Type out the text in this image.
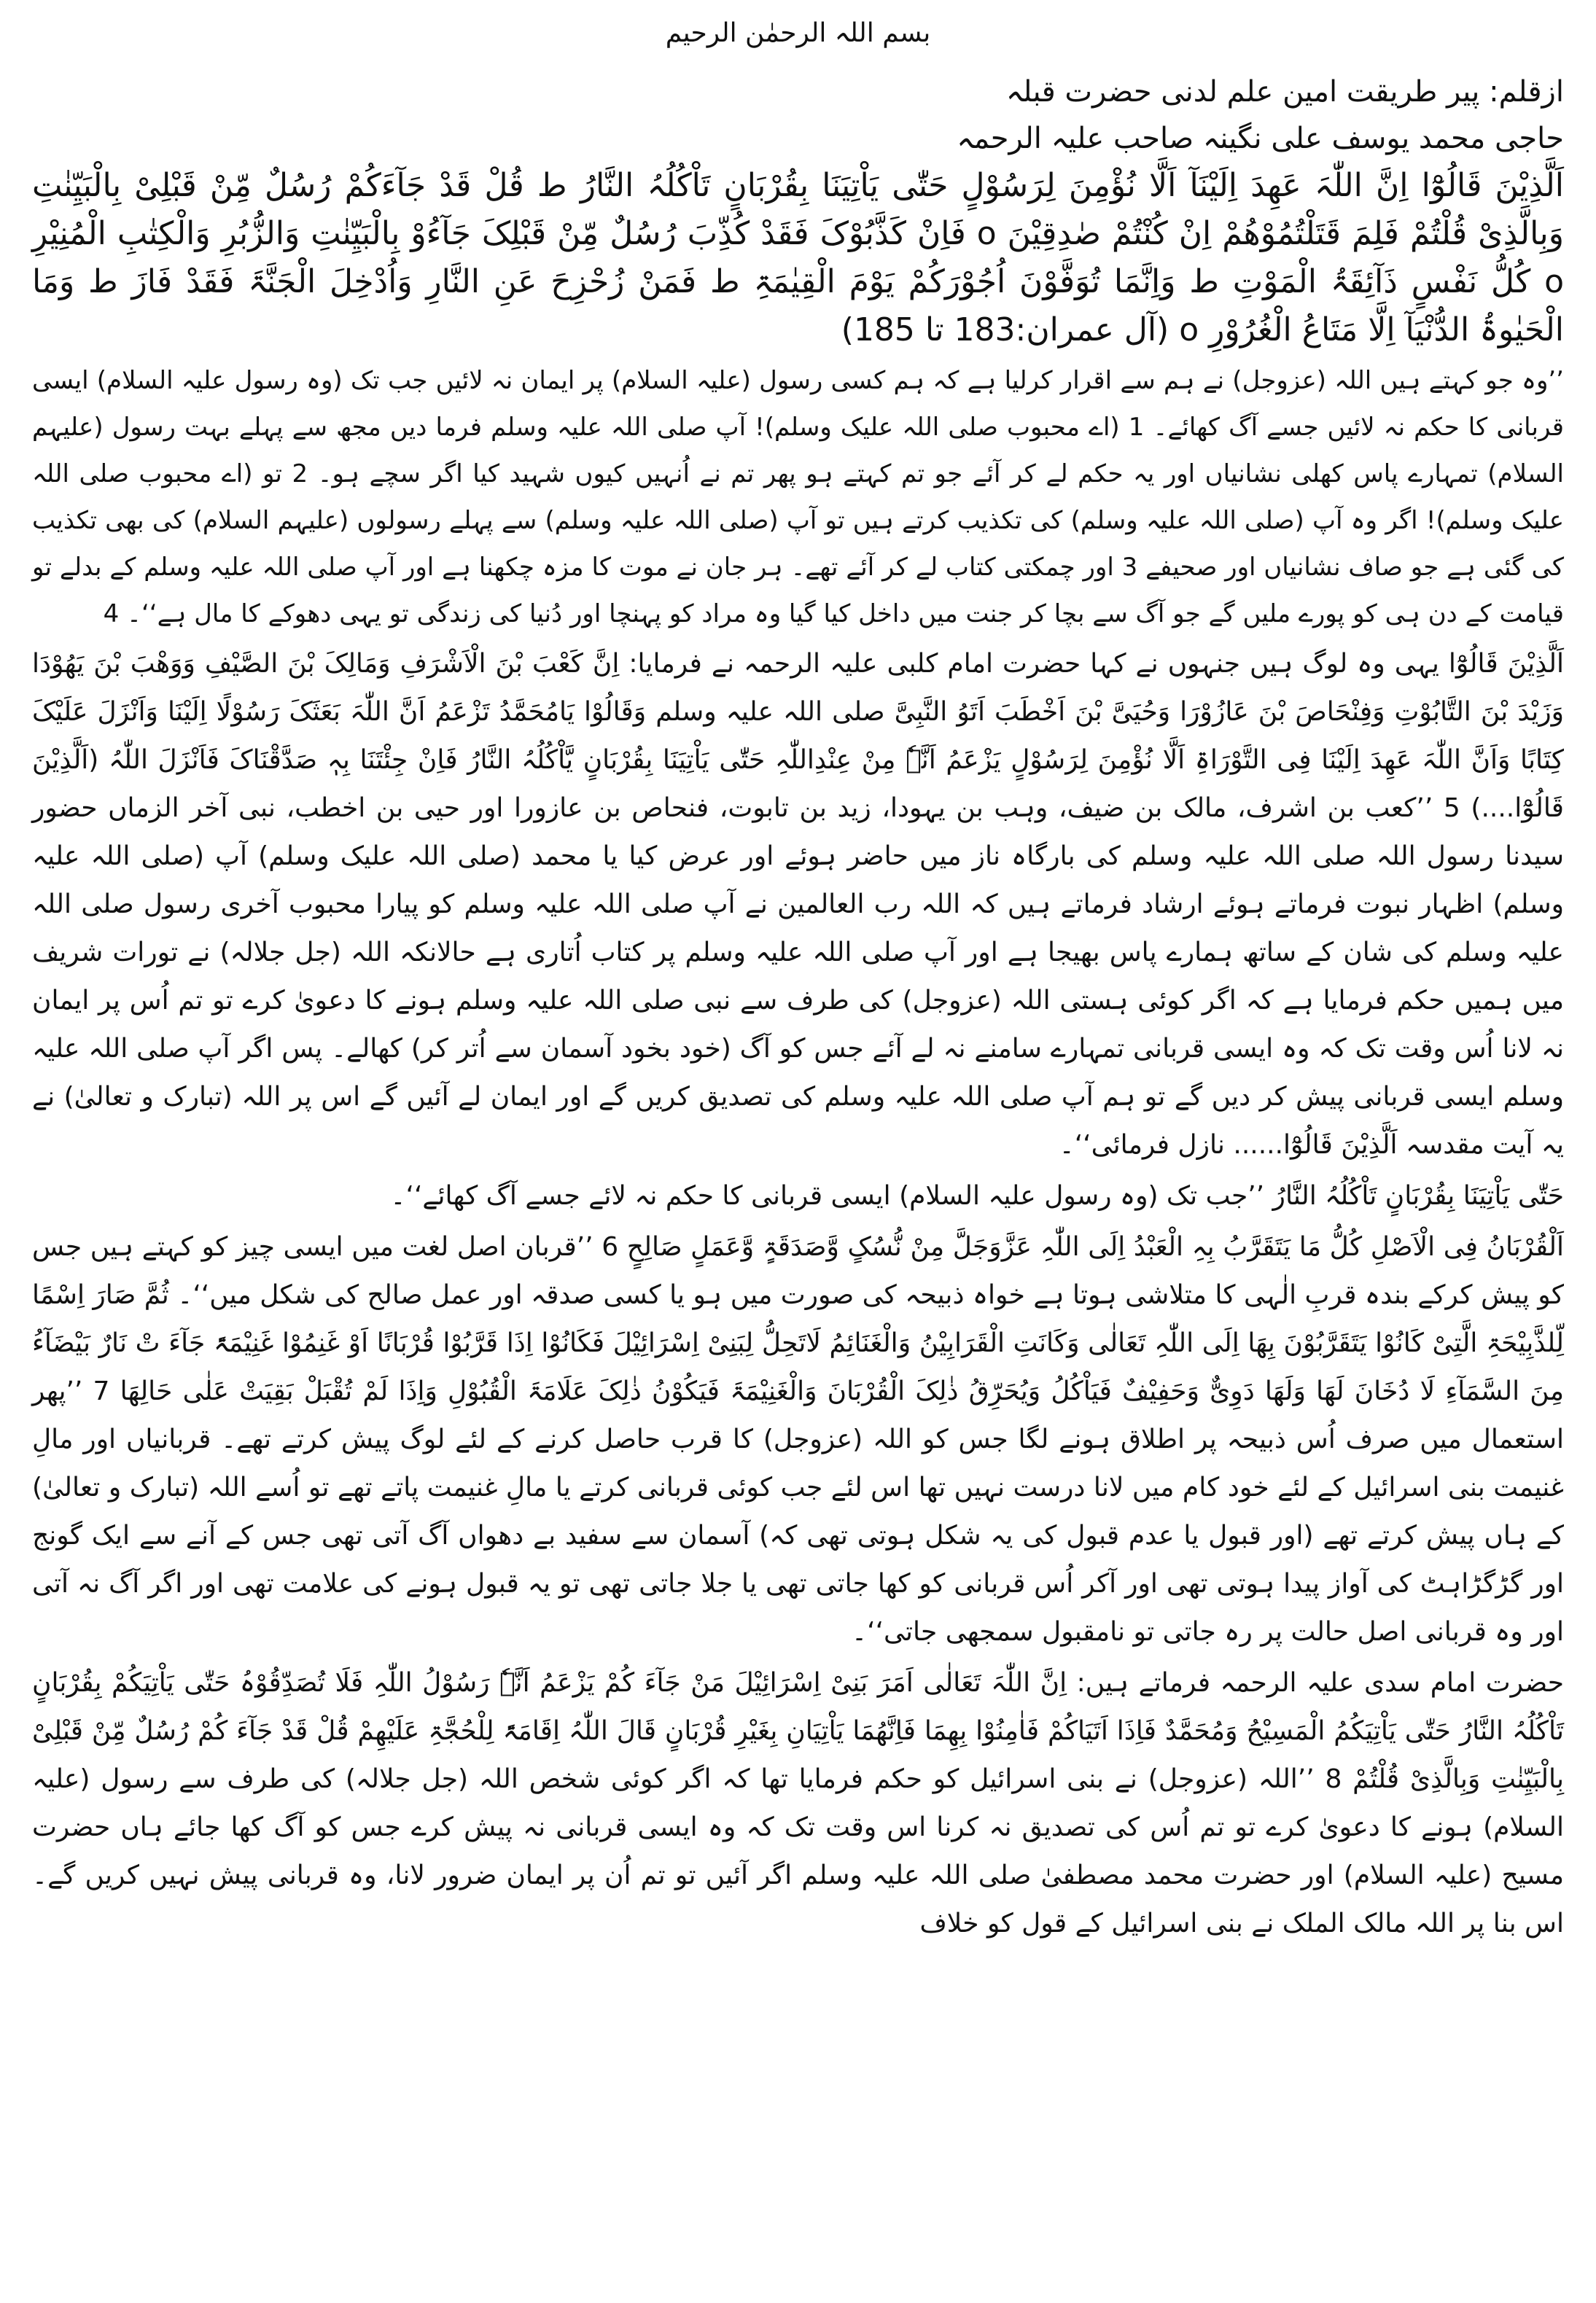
بسم اللہ الرحمٰن الرحیم
ازقلم: پیر طریقت امین علم لدنی حضرت قبلہ
حاجی محمد یوسف علی نگینہ صاحب علیہ الرحمہ

اَلَّذِیْنَ قَالُوْٓا اِنَّ اللّٰہَ عَھِدَ اِلَیْنَآ اَلَّا نُؤْمِنَ لِرَسُوْلٍ حَتّٰی یَاْتِیَنَا بِقُرْبَانٍ تَاْکُلُہُ النَّارُ ط قُلْ قَدْ جَآءَکُمْ رُسُلٌ مِّنْ قَبْلِیْ بِالْبَیِّنٰتِ وَبِالَّذِیْ قُلْتُمْ فَلِمَ قَتَلْتُمُوْھُمْ اِنْ کُنْتُمْ صٰدِقِیْنَ o فَاِنْ کَذَّبُوْکَ فَقَدْ کُذِّبَ رُسُلٌ مِّنْ قَبْلِکَ جَآءُوْ بِالْبَیِّنٰتِ وَالزُّبُرِ وَالْکِتٰبِ الْمُنِیْرِ o کُلُّ نَفْسٍ ذَآئِقَۃُ الْمَوْتِ ط وَاِنَّمَا تُوَفَّوْنَ اُجُوْرَکُمْ یَوْمَ الْقِیٰمَۃِ ط فَمَنْ زُحْزِحَ عَنِ النَّارِ وَاُدْخِلَ الْجَنَّۃَ فَقَدْ فَازَ ط وَمَا الْحَیٰوۃُ الدُّنْیَآ اِلَّا مَتَاعُ الْغُرُوْرِ o (آل عمران:183 تا 185)

’’وہ جو کہتے ہیں اللہ (عزوجل) نے ہم سے اقرار کرلیا ہے کہ ہم کسی رسول (علیہ السلام) پر ایمان نہ لائیں جب تک (وہ رسول علیہ السلام) ایسی قربانی کا حکم نہ لائیں جسے آگ کھائے۔ 1 (اے محبوب صلی اللہ علیک وسلم)! آپ صلی اللہ علیہ وسلم فرما دیں مجھ سے پہلے بہت رسول (علیہم السلام) تمہارے پاس کھلی نشانیاں اور یہ حکم لے کر آئے جو تم کہتے ہو پھر تم نے اُنہیں کیوں شہید کیا اگر سچے ہو۔ 2 تو (اے محبوب صلی اللہ علیک وسلم)! اگر وہ آپ (صلی اللہ علیہ وسلم) کی تکذیب کرتے ہیں تو آپ (صلی اللہ علیہ وسلم) سے پہلے رسولوں (علیہم السلام) کی بھی تکذیب کی گئی ہے جو صاف نشانیاں اور صحیفے 3 اور چمکتی کتاب لے کر آئے تھے۔ ہر جان نے موت کا مزہ چکھنا ہے اور آپ صلی اللہ علیہ وسلم کے بدلے تو قیامت کے دن ہی کو پورے ملیں گے جو آگ سے بچا کر جنت میں داخل کیا گیا وہ مراد کو پہنچا اور دُنیا کی زندگی تو یہی دھوکے کا مال ہے‘‘۔ 4

اَلَّذِیْنَ قَالُوْٓا یہی وہ لوگ ہیں جنہوں نے کہا حضرت امام کلبی علیہ الرحمہ نے فرمایا: اِنَّ کَعْبَ بْنَ الْاَشْرَفِ وَمَالِکَ بْنَ الصَّیْفِ وَوَھْبَ بْنَ یَھُوْدَا وَزَیْدَ بْنَ التَّابُوْتِ وَفِنْحَاصَ بْنَ عَازُوْرَا وَحُیَیَّ بْنَ اَخْطَبَ اَتَوُ النَّبِیَّ صلی اللہ علیہ وسلم وَقَالُوْا یَامُحَمَّدُ تَزْعَمُ اَنَّ اللّٰہَ بَعَثَکَ رَسُوْلًا اِلَیْنَا وَاَنْزَلَ عَلَیْکَ کِتَابًا وَاَنَّ اللّٰہَ عَھِدَ اِلَیْنَا فِی التَّوْرَاۃِ اَلَّا نُؤْمِنَ لِرَسُوْلٍ یَزْعَمُ اَنَّہٗ مِنْ عِنْدِاللّٰہِ حَتّٰی یَاْتِیَنَا بِقُرْبَانٍ یَّاْکُلُہُ النَّارُ فَاِنْ جِئْتَنَا بِہٖ صَدَّقْنَاکَ فَاَنْزَلَ اللّٰہُ (اَلَّذِیْنَ قَالُوْٓا....) 5 ’’کعب بن اشرف، مالک بن ضیف، وہب بن یہودا، زید بن تابوت، فنحاص بن عازورا اور حیی بن اخطب، نبی آخر الزماں حضور سیدنا رسول اللہ صلی اللہ علیہ وسلم کی بارگاہ ناز میں حاضر ہوئے اور عرض کیا یا محمد (صلی اللہ علیک وسلم) آپ (صلی اللہ علیہ وسلم) اظہار نبوت فرماتے ہوئے ارشاد فرماتے ہیں کہ اللہ رب العالمین نے آپ صلی اللہ علیہ وسلم کو پیارا محبوب آخری رسول صلی اللہ علیہ وسلم کی شان کے ساتھ ہمارے پاس بھیجا ہے اور آپ صلی اللہ علیہ وسلم پر کتاب اُتاری ہے حالانکہ اللہ (جل جلالہ) نے تورات شریف میں ہمیں حکم فرمایا ہے کہ اگر کوئی ہستی اللہ (عزوجل) کی طرف سے نبی صلی اللہ علیہ وسلم ہونے کا دعویٰ کرے تو تم اُس پر ایمان نہ لانا اُس وقت تک کہ وہ ایسی قربانی تمہارے سامنے نہ لے آئے جس کو آگ (خود بخود آسمان سے اُتر کر) کھالے۔ پس اگر آپ صلی اللہ علیہ وسلم ایسی قربانی پیش کر دیں گے تو ہم آپ صلی اللہ علیہ وسلم کی تصدیق کریں گے اور ایمان لے آئیں گے اس پر اللہ (تبارک و تعالیٰ) نے یہ آیت مقدسہ اَلَّذِیْنَ قَالُوْٓا...... نازل فرمائی‘‘۔

حَتّٰی یَاْتِیَنَا بِقُرْبَانٍ تَاْکُلُہُ النَّارُ ’’جب تک (وہ رسول علیہ السلام) ایسی قربانی کا حکم نہ لائے جسے آگ کھائے‘‘۔

اَلْقُرْبَانُ فِی الْاَصْلِ کُلُّ مَا یَتَقَرَّبُ بِہِ الْعَبْدُ اِلَی اللّٰہِ عَزَّوَجَلَّ مِنْ نُّسُکٍ وَّصَدَقَۃٍ وَّعَمَلٍ صَالِحٍ 6 ’’قربان اصل لغت میں ایسی چیز کو کہتے ہیں جس کو پیش کرکے بندہ قربِ الٰہی کا متلاشی ہوتا ہے خواہ ذبیحہ کی صورت میں ہو یا کسی صدقہ اور عمل صالح کی شکل میں‘‘۔ ثُمَّ صَارَ اِسْمًا لِّلذَّبِیْحَۃِ الَّتِیْ کَانُوْا یَتَقَرَّبُوْنَ بِھَا اِلَی اللّٰہِ تَعَالٰی وَکَانَتِ الْقَرَابِیْنُ وَالْغَنَائِمُ لَاتَحِلُّ لِبَنِیْ اِسْرَائِیْلَ فَکَانُوْا اِذَا قَرَّبُوْا قُرْبَانًا اَوْ غَنِمُوْا غَنِیْمَۃً جَآءَ تْ نَارٌ بَیْضَآءُ مِنَ السَّمَآءِ لَا دُخَانَ لَھَا وَلَھَا دَوِیٌّ وَحَفِیْفٌ فَیَاْکُلُ وَیُحَرِّقُ ذٰلِکَ الْقُرْبَانَ وَالْغَنِیْمَۃَ فَیَکُوْنُ ذٰلِکَ عَلَامَۃَ الْقُبُوْلِ وَاِذَا لَمْ تُقْبَلْ بَقِیَتْ عَلٰی حَالِھَا 7 ’’پھر استعمال میں صرف اُس ذبیحہ پر اطلاق ہونے لگا جس کو اللہ (عزوجل) کا قرب حاصل کرنے کے لئے لوگ پیش کرتے تھے۔ قربانیاں اور مالِ غنیمت بنی اسرائیل کے لئے خود کام میں لانا درست نہیں تھا اس لئے جب کوئی قربانی کرتے یا مالِ غنیمت پاتے تھے تو اُسے اللہ (تبارک و تعالیٰ) کے ہاں پیش کرتے تھے (اور قبول یا عدم قبول کی یہ شکل ہوتی تھی کہ) آسمان سے سفید بے دھواں آگ آتی تھی جس کے آنے سے ایک گونج اور گڑگڑاہٹ کی آواز پیدا ہوتی تھی اور آکر اُس قربانی کو کھا جاتی تھی یا جلا جاتی تھی تو یہ قبول ہونے کی علامت تھی اور اگر آگ نہ آتی اور وہ قربانی اصل حالت پر رہ جاتی تو نامقبول سمجھی جاتی‘‘۔

حضرت امام سدی علیہ الرحمہ فرماتے ہیں: اِنَّ اللّٰہَ تَعَالٰی اَمَرَ بَنِیْ اِسْرَائِیْلَ مَنْ جَآءَ کُمْ یَزْعَمُ اَنَّہٗ رَسُوْلُ اللّٰہِ فَلَا تُصَدِّقُوْہُ حَتّٰی یَاْتِیَکُمْ بِقُرْبَانٍ تَاْکُلُہُ النَّارُ حَتّٰی یَاْتِیَکُمُ الْمَسِیْحُ وَمُحَمَّدٌ فَاِذَا اَتَیَاکُمْ فَاٰمِنُوْا بِھِمَا فَاِنَّھُمَا یَاْتِیَانِ بِغَیْرِ قُرْبَانٍ قَالَ اللّٰہُ اِقَامَۃً لِلْحُجَّۃِ عَلَیْھِمْ قُلْ قَدْ جَآءَ کُمْ رُسُلٌ مِّنْ قَبْلِیْ بِالْبَیِّنٰتِ وَبِالَّذِیْ قُلْتُمْ 8 ’’اللہ (عزوجل) نے بنی اسرائیل کو حکم فرمایا تھا کہ اگر کوئی شخص اللہ (جل جلالہ) کی طرف سے رسول (علیہ السلام) ہونے کا دعویٰ کرے تو تم اُس کی تصدیق نہ کرنا اس وقت تک کہ وہ ایسی قربانی نہ پیش کرے جس کو آگ کھا جائے ہاں حضرت مسیح (علیہ السلام) اور حضرت محمد مصطفیٰ صلی اللہ علیہ وسلم اگر آئیں تو تم اُن پر ایمان ضرور لانا، وہ قربانی پیش نہیں کریں گے۔ اس بنا پر اللہ مالک الملک نے بنی اسرائیل کے قول کو خلاف
